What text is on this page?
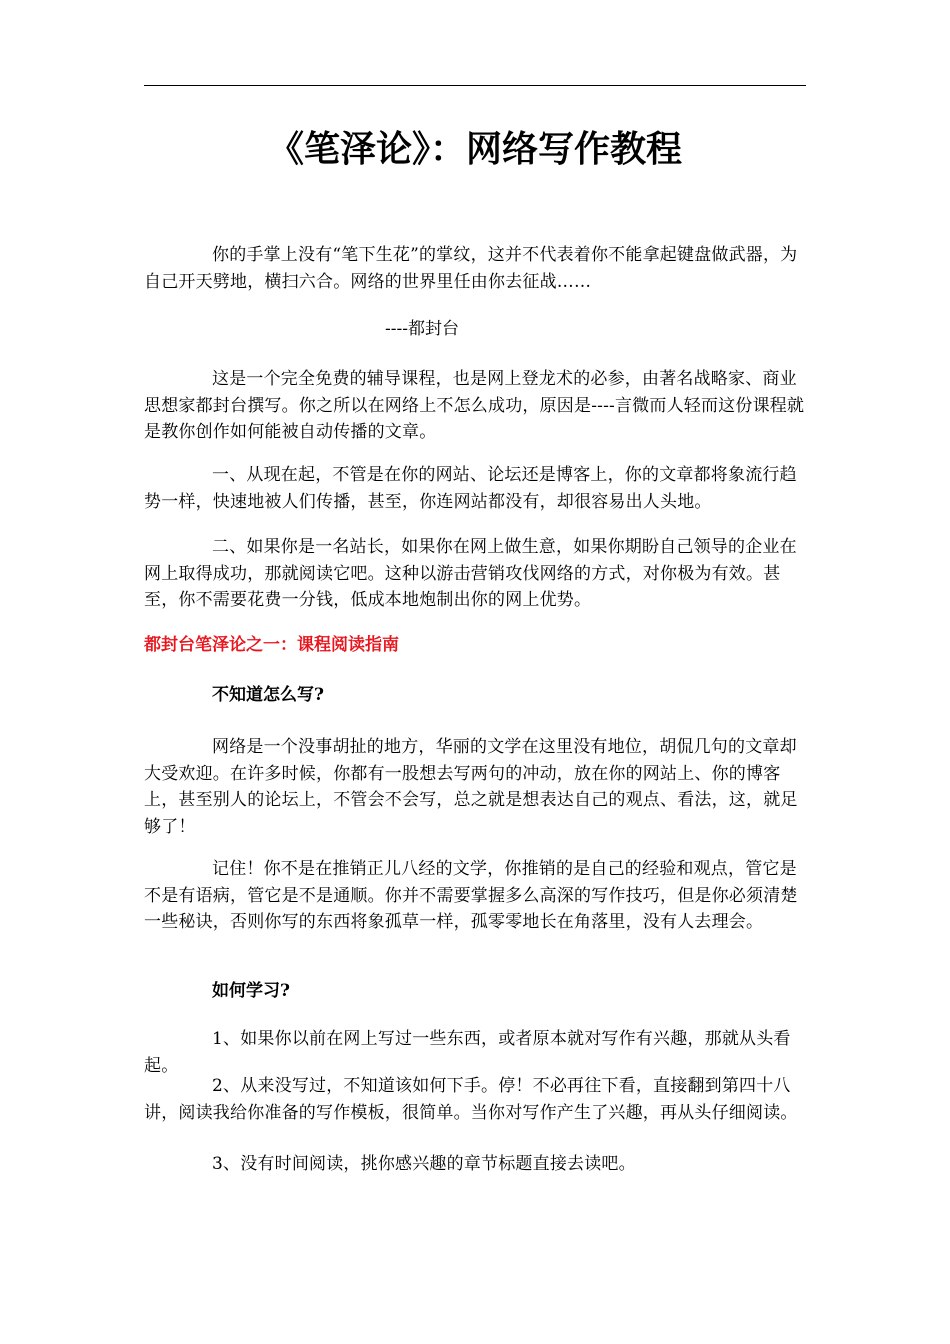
《笔泽论》：网络写作教程

你的手掌上没有“笔下生花”的掌纹，这并不代表着你不能拿起键盘做武器，为自己开天劈地，横扫六合。网络的世界里任由你去征战……

----都封台

这是一个完全免费的辅导课程，也是网上登龙术的必参，由著名战略家、商业思想家都封台撰写。你之所以在网络上不怎么成功，原因是----言微而人轻而这份课程就是教你创作如何能被自动传播的文章。

一、从现在起，不管是在你的网站、论坛还是博客上，你的文章都将象流行趋势一样，快速地被人们传播，甚至，你连网站都没有，却很容易出人头地。

二、如果你是一名站长，如果你在网上做生意，如果你期盼自己领导的企业在网上取得成功，那就阅读它吧。这种以游击营销攻伐网络的方式，对你极为有效。甚至，你不需要花费一分钱，低成本地炮制出你的网上优势。

都封台笔泽论之一：课程阅读指南

不知道怎么写?

网络是一个没事胡扯的地方，华丽的文学在这里没有地位，胡侃几句的文章却大受欢迎。在许多时候，你都有一股想去写两句的冲动，放在你的网站上、你的博客上，甚至别人的论坛上，不管会不会写，总之就是想表达自己的观点、看法，这，就足够了！

记住！你不是在推销正儿八经的文学，你推销的是自己的经验和观点，管它是不是有语病，管它是不是通顺。你并不需要掌握多么高深的写作技巧，但是你必须清楚一些秘诀，否则你写的东西将象孤草一样，孤零零地长在角落里，没有人去理会。

如何学习?

1、如果你以前在网上写过一些东西，或者原本就对写作有兴趣，那就从头看起。

2、从来没写过，不知道该如何下手。停！不必再往下看，直接翻到第四十八讲，阅读我给你准备的写作模板，很简单。当你对写作产生了兴趣，再从头仔细阅读。

3、没有时间阅读，挑你感兴趣的章节标题直接去读吧。
